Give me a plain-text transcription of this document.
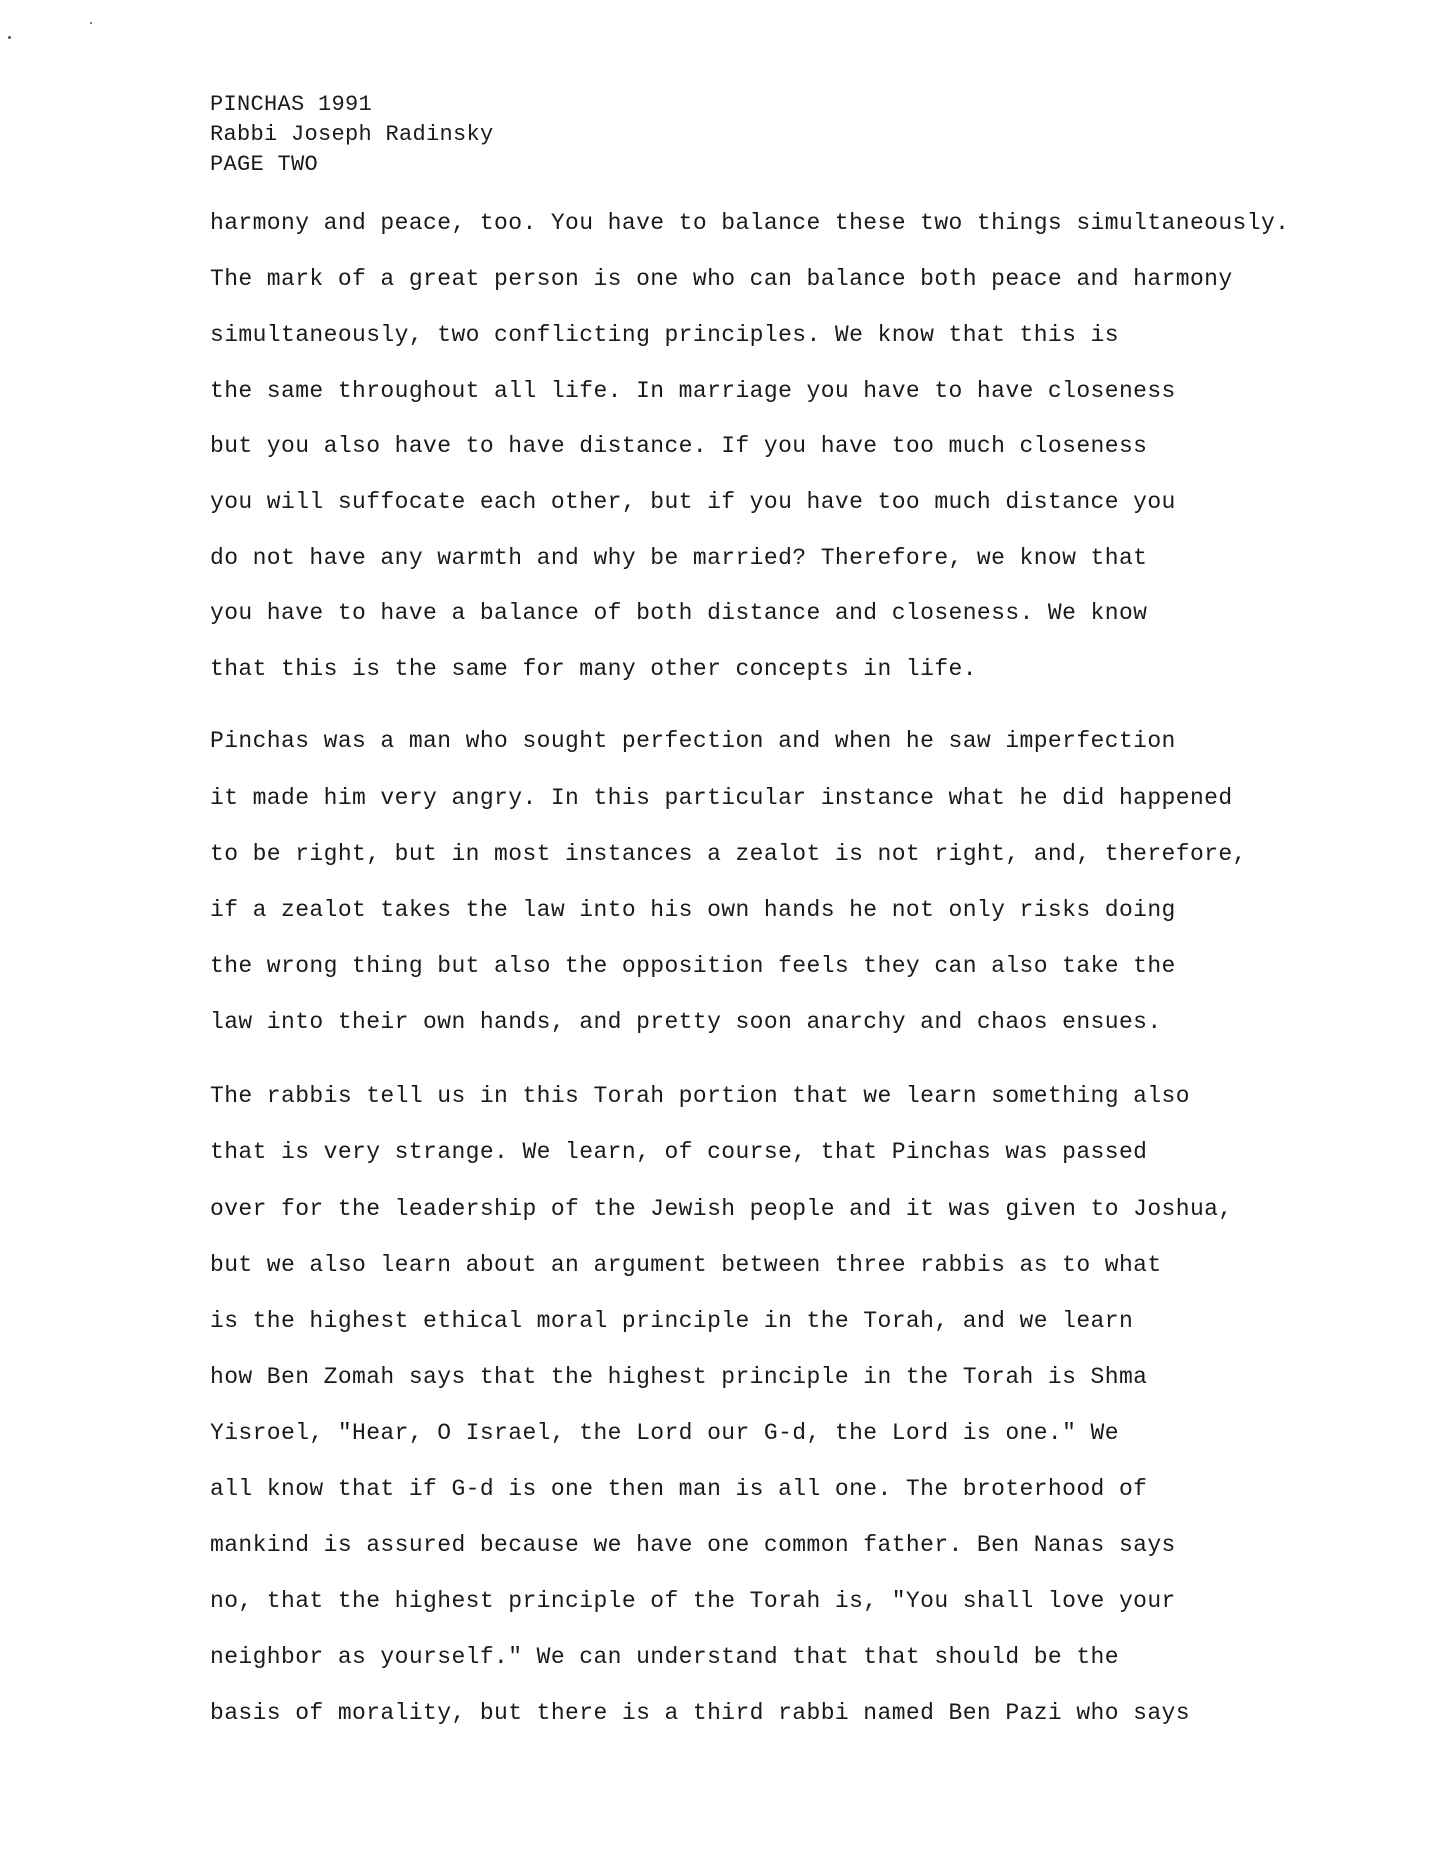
PINCHAS 1991
Rabbi Joseph Radinsky
PAGE TWO
harmony and peace, too. You have to balance these two things simultaneously.
The mark of a great person is one who can balance both peace and harmony
simultaneously, two conflicting principles. We know that this is
the same throughout all life. In marriage you have to have closeness
but you also have to have distance. If you have too much closeness
you will suffocate each other, but if you have too much distance you
do not have any warmth and why be married? Therefore, we know that
you have to have a balance of both distance and closeness. We know
that this is the same for many other concepts in life.
Pinchas was a man who sought perfection and when he saw imperfection
it made him very angry. In this particular instance what he did happened
to be right, but in most instances a zealot is not right, and, therefore,
if a zealot takes the law into his own hands he not only risks doing
the wrong thing but also the opposition feels they can also take the
law into their own hands, and pretty soon anarchy and chaos ensues.
The rabbis tell us in this Torah portion that we learn something also
that is very strange. We learn, of course, that Pinchas was passed
over for the leadership of the Jewish people and it was given to Joshua,
but we also learn about an argument between three rabbis as to what
is the highest ethical moral principle in the Torah, and we learn
how Ben Zomah says that the highest principle in the Torah is Shma
Yisroel, "Hear, O Israel, the Lord our G-d, the Lord is one." We
all know that if G-d is one then man is all one. The broterhood of
mankind is assured because we have one common father. Ben Nanas says
no, that the highest principle of the Torah is, "You shall love your
neighbor as yourself." We can understand that that should be the
basis of morality, but there is a third rabbi named Ben Pazi who says
